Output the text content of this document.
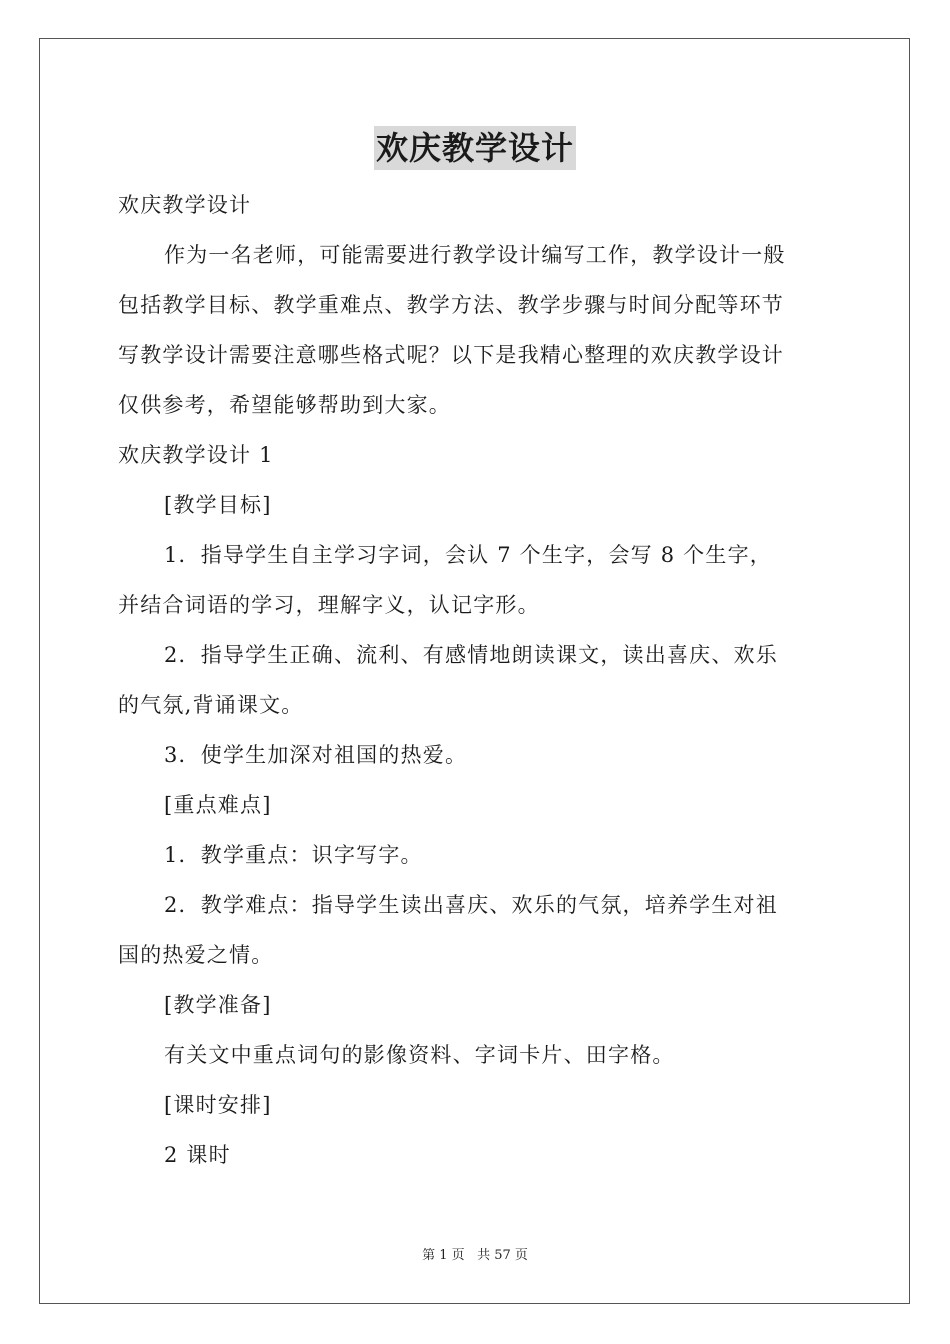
欢庆教学设计
欢庆教学设计
作为一名老师，可能需要进行教学设计编写工作，教学设计一般
包括教学目标、教学重难点、教学方法、教学步骤与时间分配等环节
写教学设计需要注意哪些格式呢？以下是我精心整理的欢庆教学设计
仅供参考，希望能够帮助到大家。
欢庆教学设计 1
[教学目标]
1．指导学生自主学习字词，会认 7 个生字，会写 8 个生字，
并结合词语的学习，理解字义，认记字形。
2．指导学生正确、流利、有感情地朗读课文，读出喜庆、欢乐
的气氛,背诵课文。
3．使学生加深对祖国的热爱。
[重点难点]
1．教学重点：识字写字。
2．教学难点：指导学生读出喜庆、欢乐的气氛，培养学生对祖
国的热爱之情。
[教学准备]
有关文中重点词句的影像资料、字词卡片、田字格。
[课时安排]
2 课时
第 1 页 共 57 页
